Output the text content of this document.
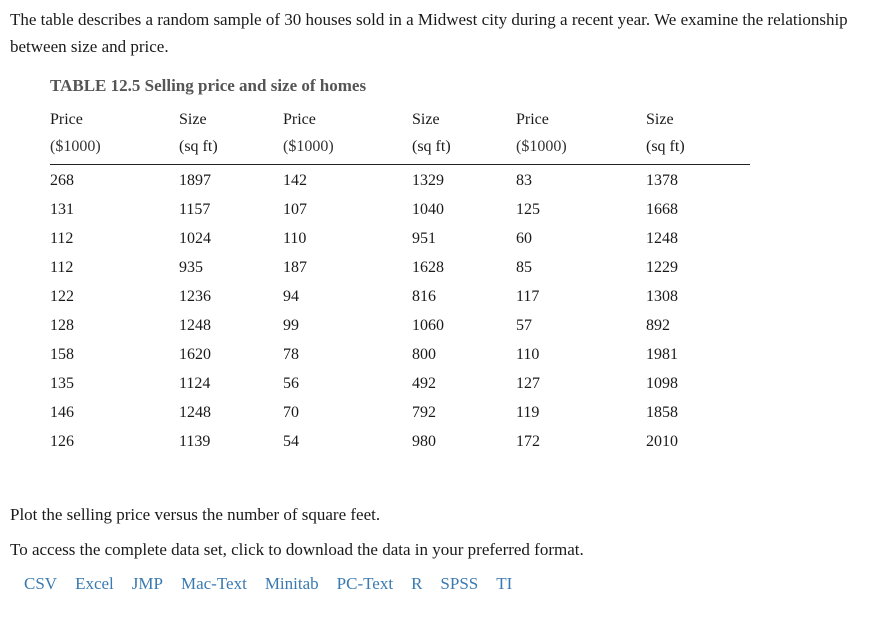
The table describes a random sample of 30 houses sold in a Midwest city during a recent year. We examine the relationship between size and price.

TABLE 12.5 Selling price and size of homes

Price	Size	Price	Size	Price	Size
($1000)	(sq ft)	($1000)	(sq ft)	($1000)	(sq ft)
268	1897	142	1329	83	1378
131	1157	107	1040	125	1668
112	1024	110	951	60	1248
112	935	187	1628	85	1229
122	1236	94	816	117	1308
128	1248	99	1060	57	892
158	1620	78	800	110	1981
135	1124	56	492	127	1098
146	1248	70	792	119	1858
126	1139	54	980	172	2010

Plot the selling price versus the number of square feet.

To access the complete data set, click to download the data in your preferred format.

CSV Excel JMP Mac-Text Minitab PC-Text R SPSS TI
